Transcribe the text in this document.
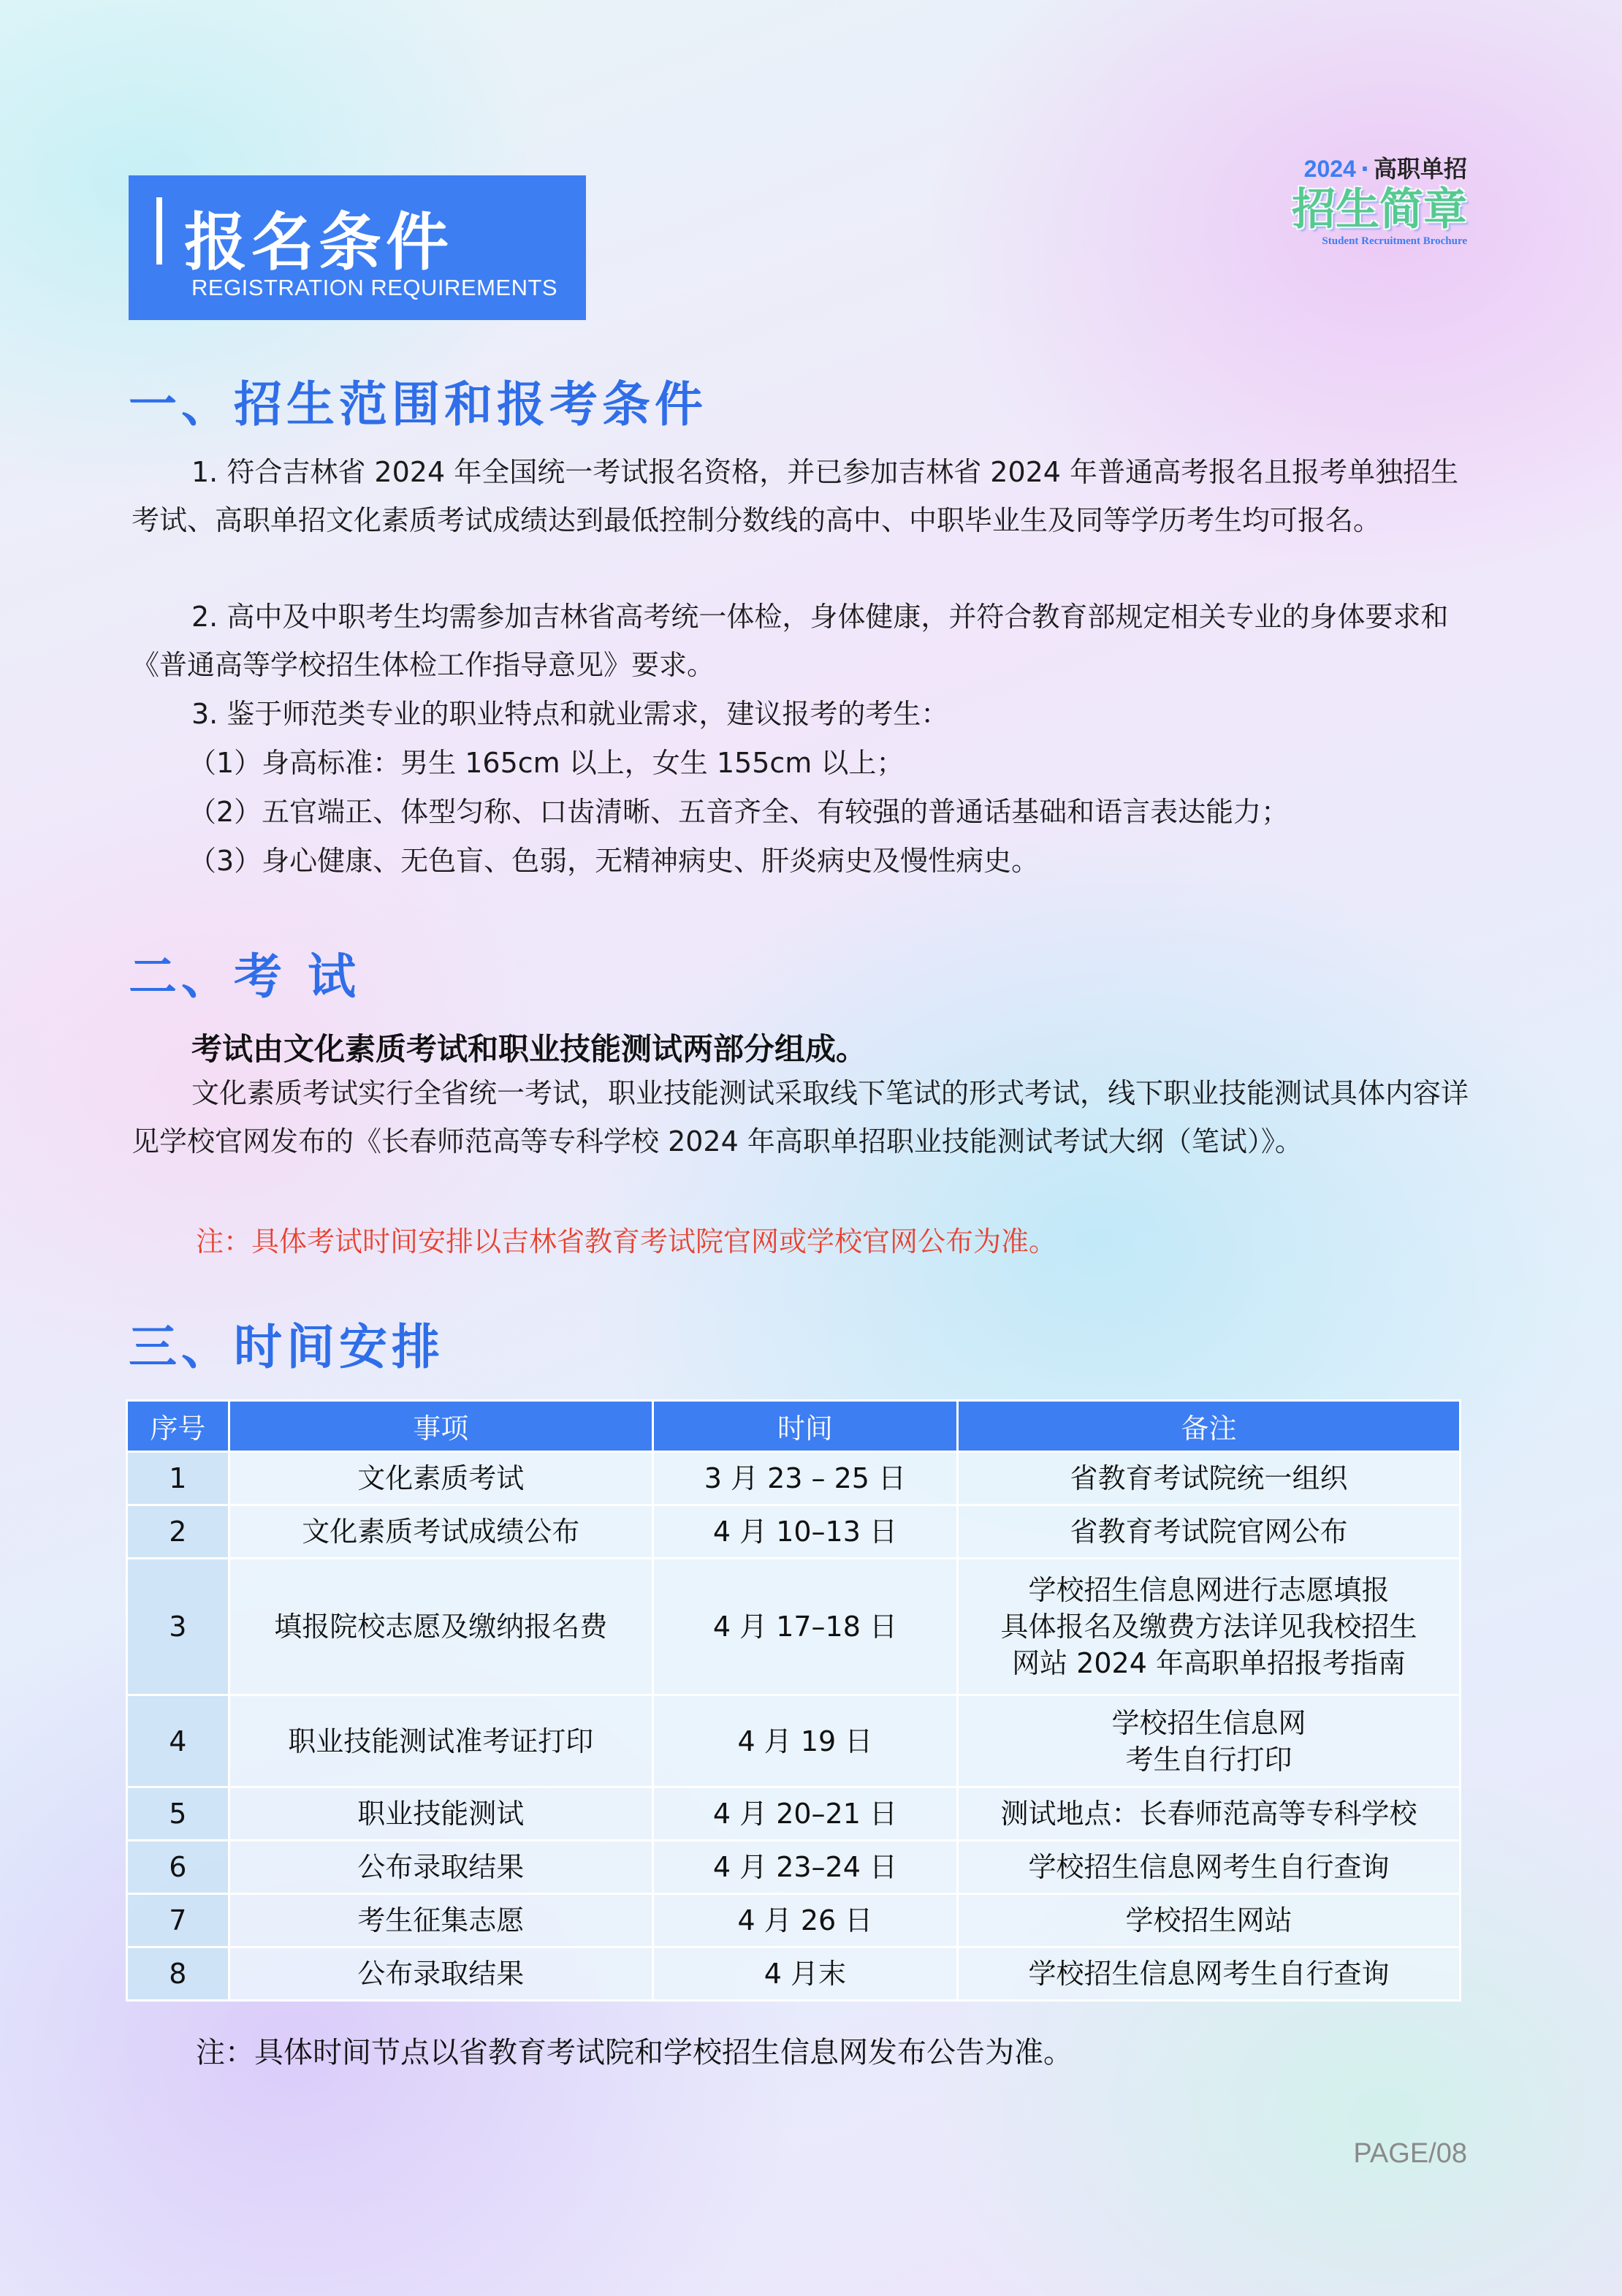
报名条件
REGISTRATION REQUIREMENTS
2024 · 高职单招
招生简章
Student Recruitment Brochure
一、招生范围和报考条件
1. 符合吉林省 2024 年全国统一考试报名资格，并已参加吉林省 2024 年普通高考报名且报考单独招生考试、高职单招文化素质考试成绩达到最低控制分数线的高中、中职毕业生及同等学历考生均可报名。
2. 高中及中职考生均需参加吉林省高考统一体检，身体健康，并符合教育部规定相关专业的身体要求和《普通高等学校招生体检工作指导意见》要求。
3. 鉴于师范类专业的职业特点和就业需求，建议报考的考生：
（1）身高标准：男生 165cm 以上，女生 155cm 以上；
（2）五官端正、体型匀称、口齿清晰、五音齐全、有较强的普通话基础和语言表达能力；
（3）身心健康、无色盲、色弱，无精神病史、肝炎病史及慢性病史。
二、考 试
考试由文化素质考试和职业技能测试两部分组成。
文化素质考试实行全省统一考试，职业技能测试采取线下笔试的形式考试，线下职业技能测试具体内容详见学校官网发布的《长春师范高等专科学校 2024 年高职单招职业技能测试考试大纲（笔试）》。
注：具体考试时间安排以吉林省教育考试院官网或学校官网公布为准。
三、时间安排
序号	事项	时间	备注
1	文化素质考试	3 月 23 – 25 日	省教育考试院统一组织

2	文化素质考试成绩公布	4 月 10–13 日	省教育考试院官网公布

3	填报院校志愿及缴纳报名费	4 月 17–18 日	学校招生信息网进行志愿填报
具体报名及缴费方法详见我校招生
网站 2024 年高职单招报考指南

4	职业技能测试准考证打印	4 月 19 日	学校招生信息网
考生自行打印

5	职业技能测试	4 月 20–21 日	测试地点：长春师范高等专科学校

6	公布录取结果	4 月 23–24 日	学校招生信息网考生自行查询

7	考生征集志愿	4 月 26 日	学校招生网站

8	公布录取结果	4 月末	学校招生信息网考生自行查询
注：具体时间节点以省教育考试院和学校招生信息网发布公告为准。
PAGE/08
